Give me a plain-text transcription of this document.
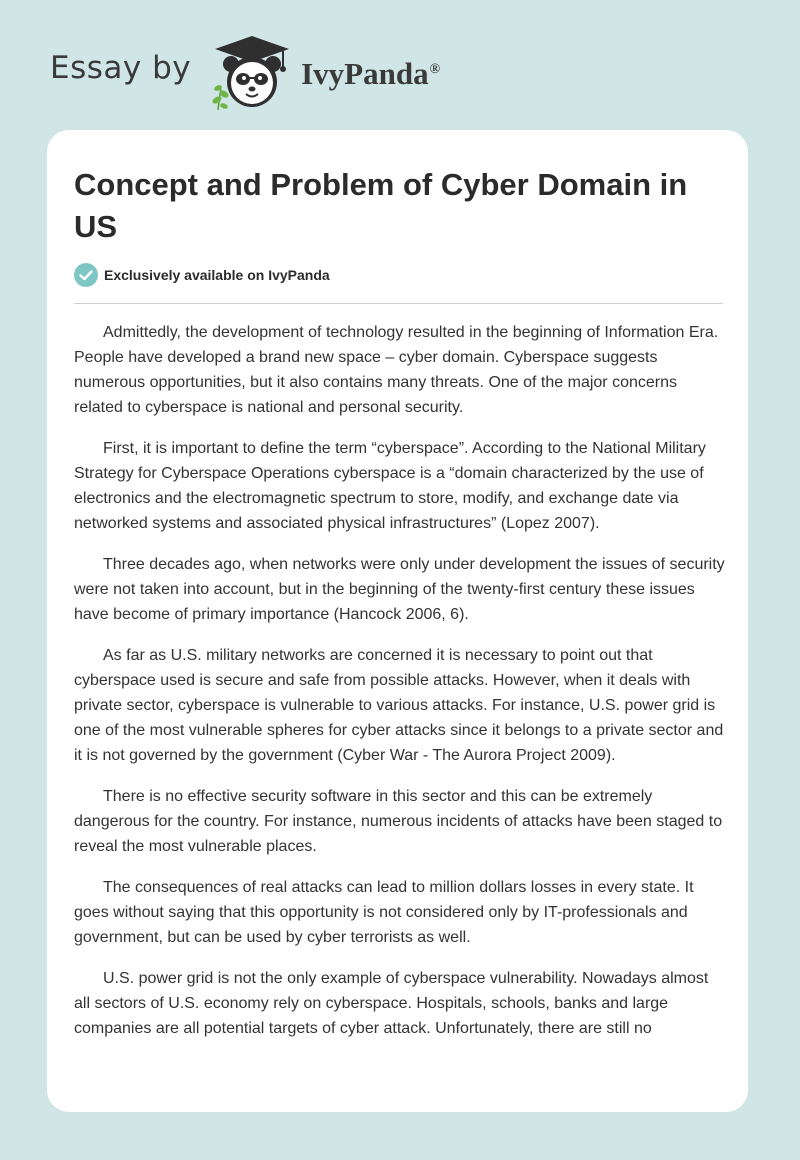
Essay by	IvyPanda®
Concept and Problem of Cyber Domain in US
Exclusively available on IvyPanda

Admittedly, the development of technology resulted in the beginning of Information Era. People have developed a brand new space – cyber domain. Cyberspace suggests numerous opportunities, but it also contains many threats. One of the major concerns related to cyberspace is national and personal security.

First, it is important to define the term “cyberspace”. According to the National Military Strategy for Cyberspace Operations cyberspace is a “domain characterized by the use of electronics and the electromagnetic spectrum to store, modify, and exchange date via networked systems and associated physical infrastructures” (Lopez 2007).

Three decades ago, when networks were only under development the issues of security were not taken into account, but in the beginning of the twenty-first century these issues have become of primary importance (Hancock 2006, 6).

As far as U.S. military networks are concerned it is necessary to point out that cyberspace used is secure and safe from possible attacks. However, when it deals with private sector, cyberspace is vulnerable to various attacks. For instance, U.S. power grid is one of the most vulnerable spheres for cyber attacks since it belongs to a private sector and it is not governed by the government (Cyber War - The Aurora Project 2009).

There is no effective security software in this sector and this can be extremely dangerous for the country. For instance, numerous incidents of attacks have been staged to reveal the most vulnerable places.

The consequences of real attacks can lead to million dollars losses in every state. It goes without saying that this opportunity is not considered only by IT-professionals and government, but can be used by cyber terrorists as well.

U.S. power grid is not the only example of cyberspace vulnerability. Nowadays almost all sectors of U.S. economy rely on cyberspace. Hospitals, schools, banks and large companies are all potential targets of cyber attack. Unfortunately, there are still no
